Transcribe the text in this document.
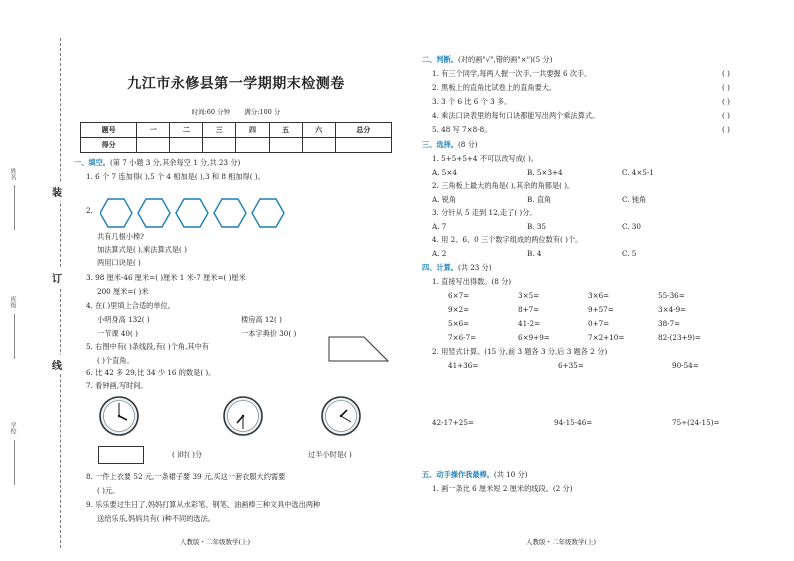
装
订
线
姓名
班级
学校
九江市永修县第一学期期末检测卷
时间:60 分钟 满分:100 分
题号	一	二	三	四	五	六	总分
得分							
一、填空。(第 7 小题 3 分,其余每空 1 分,共 23 分)
1. 6 个 7 连加得( ),5 个 4 相加是( ),3 和 8 相加得( )。
2.
共有几根小棒?
加法算式是( ),乘法算式是( )
两用口诀是( )
3. 98 厘米-46 厘米=( )厘米 1 米-7 厘米=( )厘米
200 厘米=( )米
4. 在( )里填上合适的单位。
小明身高 132( )	楼房高 12( )
一节课 40( )	一本字典价 30( )
5. 右图中有( )条线段,有( )个角,其中有
( )个直角。
6. 比 42 多 29,比 34 少 16 的数是( )。
7. 看钟画,写时间。
( )时( )分	过半小时是( )
8. 一件上衣要 52 元,一条裙子要 39 元,买这一套衣服大约需要
( )元。
9. 乐乐要过生日了,妈妈打算从水彩笔、钢笔、油画棒三种文具中选出两种
送给乐乐,妈妈共有( )种不同的选法。
人教版・二年级数学(上)
二、判断。(对的画"√",错的画"×")(5 分)
1. 有三个同学,每两人握一次手,一共要握 6 次手。	( )
2. 黑板上的直角比试卷上的直角要大。	( )
3. 3 个 6 比 6 个 3 多。	( )
4. 乘法口诀表里的每句口诀都能写出两个乘法算式。	( )
5. 48 写 7×8-8。	( )
三、选择。(8 分)
1. 5+5+5+4 不可以改写成( )。
A. 5×4	B. 5×3+4	C. 4×5-1
2. 三角板上最大的角是( ),其余的角都是( )。
A. 锐角	B. 直角	C. 钝角
3. 分针从 5 走到 12,走了( )分。
A. 7	B. 35	C. 30
4. 用 2、6、0 三个数字组成的两位数有( )个。
A. 2	B. 4	C. 5
四、计算。(共 23 分)
1. 直接写出得数。(8 分)
6×7=	3×5=	3×6=	55-36=
9×2=	8+7=	9+57=	3×4-9=
5×6=	41-2=	0+7=	38-7=
7×6-7=	6×9+9=	7×2+10=	82-(23+9)=
2. 用竖式计算。(15 分,前 3 题各 3 分,后 3 题各 2 分)
41+36=	6+35=	90-54=
42-17+25=	94-15-46=	75÷(24-15)=
五、动手操作我最棒。(共 10 分)
1. 画一条比 6 厘米短 2 厘米的线段。(2 分)
人教版・二年级数学(上)
